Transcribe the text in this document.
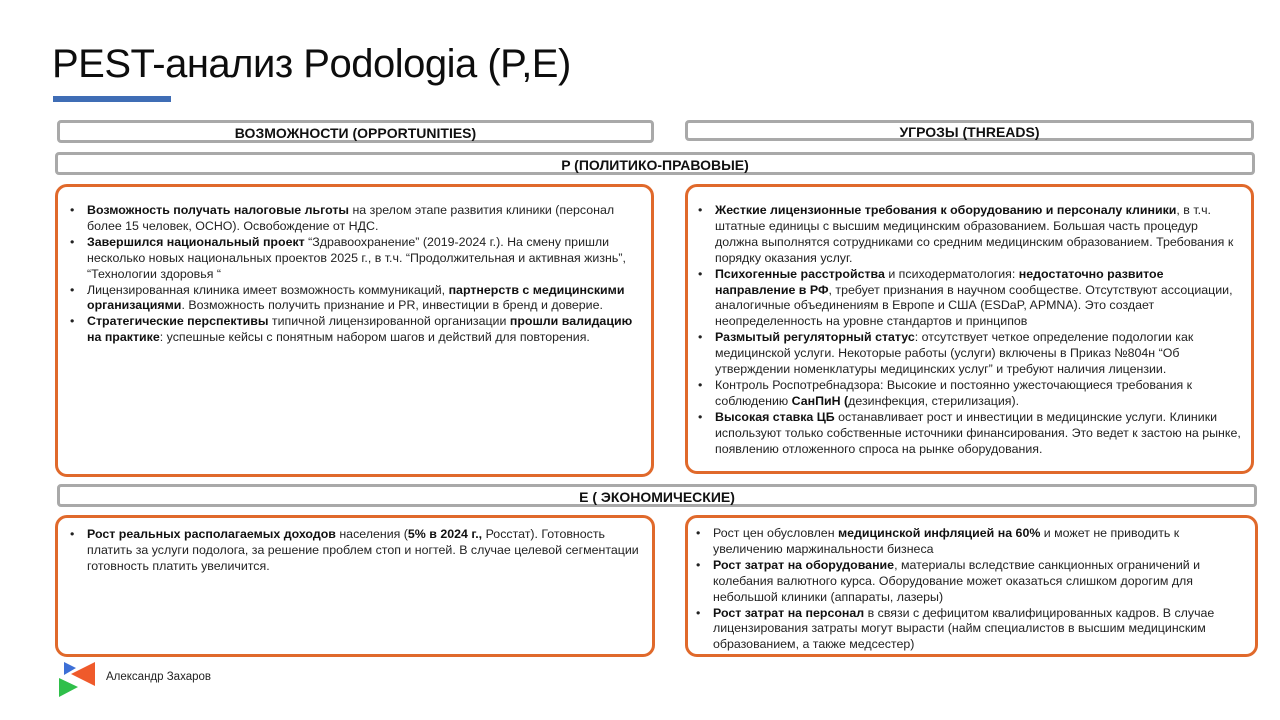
PEST-анализ Podologia (P,E)
ВОЗМОЖНОСТИ (OPPORTUNITIES)	УГРОЗЫ (THREADS)
P (ПОЛИТИКО-ПРАВОВЫЕ)
• Возможность получать налоговые льготы на зрелом этапе развития клиники (персонал более 15 человек, ОСНО). Освобождение от НДС.
• Завершился национальный проект “Здравоохранение” (2019-2024 г.). На смену пришли несколько новых национальных проектов 2025 г., в т.ч. “Продолжительная и активная жизнь”, “Технологии здоровья “
• Лицензированная клиника имеет возможность коммуникаций, партнерств с медицинскими организациями. Возможность получить признание и PR, инвестиции в бренд и доверие.
• Стратегические перспективы типичной лицензированной организации прошли валидацию на практике: успешные кейсы с понятным набором шагов и действий для повторения.
• Жесткие лицензионные требования к оборудованию и персоналу клиники, в т.ч. штатные единицы с высшим медицинским образованием. Большая часть процедур должна выполнятся сотрудниками со средним медицинским образованием. Требования к порядку оказания услуг.
• Психогенные расстройства и психодерматология: недостаточно развитое направление в РФ, требует признания в научном сообществе. Отсутствуют ассоциации, аналогичные объединениям в Европе и США (ESDaP, APMNA). Это создает неопределенность на уровне стандартов и принципов
• Размытый регуляторный статус: отсутствует четкое определение подологии как медицинской услуги. Некоторые работы (услуги) включены в Приказ №804н “Об утверждении номенклатуры медицинских услуг” и требуют наличия лицензии.
• Контроль Роспотребнадзора: Высокие и постоянно ужесточающиеся требования к соблюдению СанПиН (дезинфекция, стерилизация).
• Высокая ставка ЦБ останавливает рост и инвестиции в медицинские услуги. Клиники используют только собственные источники финансирования. Это ведет к застою на рынке, появлению отложенного спроса на рынке оборудования.
Е ( ЭКОНОМИЧЕСКИЕ)
• Рост реальных располагаемых доходов населения (5% в 2024 г., Росстат). Готовность платить за услуги подолога, за решение проблем стоп и ногтей. В случае целевой сегментации готовность платить увеличится.
• Рост цен обусловлен медицинской инфляцией на 60% и может не приводить к увеличению маржинальности бизнеса
• Рост затрат на оборудование, материалы вследствие санкционных ограничений и колебания валютного курса. Оборудование может оказаться слишком дорогим для небольшой клиники (аппараты, лазеры)
• Рост затрат на персонал в связи с дефицитом квалифицированных кадров. В случае лицензирования затраты могут вырасти (найм специалистов в высшим медицинским образованием, а также медсестер)
Александр Захаров
